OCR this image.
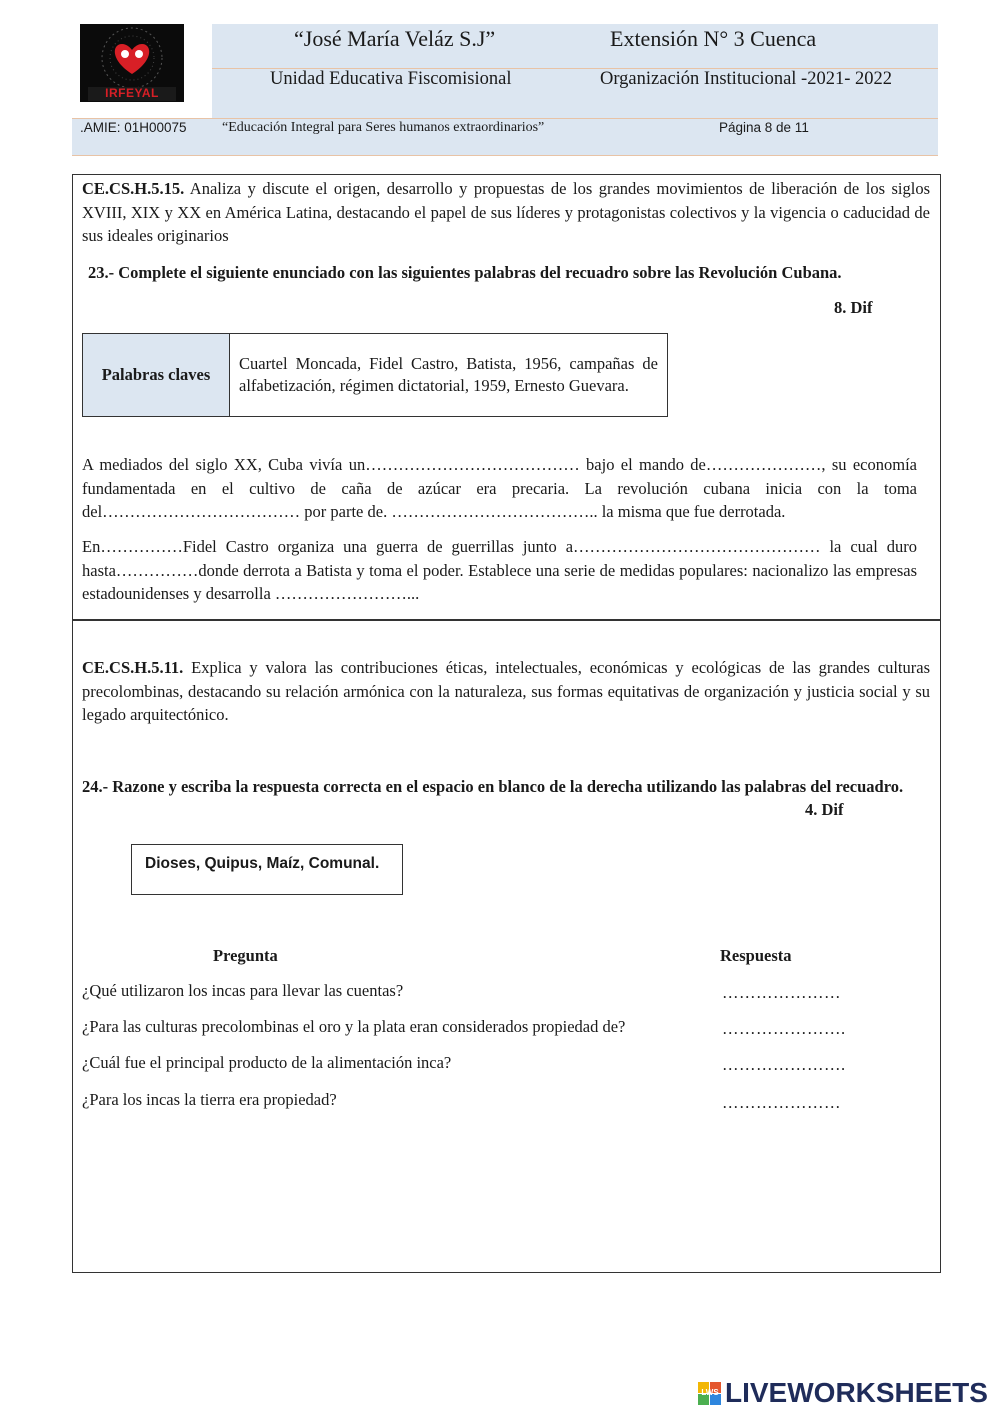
IRFEYAL
“José María Veláz S.J”	Extensión N° 3 Cuenca
Unidad Educativa Fiscomisional	Organización Institucional -2021- 2022
.AMIE: 01H00075	“Educación Integral para Seres humanos extraordinarios”	Página 8 de 11
CE.CS.H.5.15. Analiza y discute el origen, desarrollo y propuestas de los grandes movimientos de liberación de los siglos XVIII, XIX y XX en América Latina, destacando el papel de sus líderes y protagonistas colectivos y la vigencia o caducidad de sus ideales originarios
23.- Complete el siguiente enunciado con las siguientes palabras del recuadro sobre las Revolución Cubana.
8. Dif
Palabras claves	Cuartel Moncada, Fidel Castro, Batista, 1956, campañas de alfabetización, régimen dictatorial, 1959, Ernesto Guevara.
A mediados del siglo XX, Cuba vivía un………………………………… bajo el mando de…………………, su economía fundamentada en el cultivo de caña de azúcar era precaria. La revolución cubana inicia con la toma del……………………………… por parte de. ……………………………….. la misma que fue derrotada.
En……………Fidel Castro organiza una guerra de guerrillas junto a……………………………………… la cual duro hasta……………donde derrota a Batista y toma el poder. Establece una serie de medidas populares: nacionalizo las empresas estadounidenses y desarrolla ……………………...
CE.CS.H.5.11. Explica y valora las contribuciones éticas, intelectuales, económicas y ecológicas de las grandes culturas precolombinas, destacando su relación armónica con la naturaleza, sus formas equitativas de organización y justicia social y su legado arquitectónico.
24.- Razone y escriba la respuesta correcta en el espacio en blanco de la derecha utilizando las palabras del recuadro.
4. Dif
Dioses, Quipus, Maíz, Comunal.
Pregunta	Respuesta
¿Qué utilizaron los incas para llevar las cuentas?	…………………
¿Para las culturas precolombinas el oro y la plata eran considerados propiedad de?	………………….
¿Cuál fue el principal producto de la alimentación inca?	………………….
¿Para los incas la tierra era propiedad?	…………………
LWS LIVEWORKSHEETS
